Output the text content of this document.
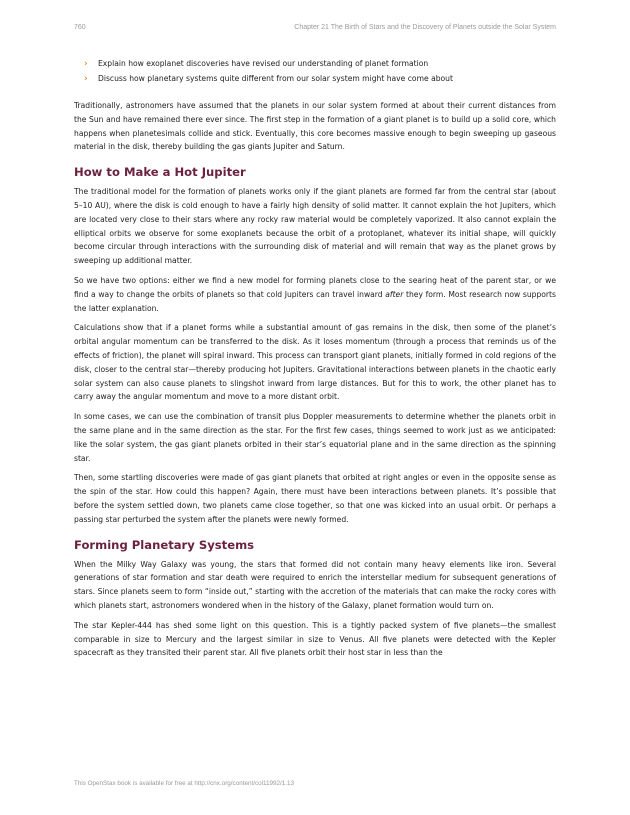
760	Chapter 21 The Birth of Stars and the Discovery of Planets outside the Solar System
› Explain how exoplanet discoveries have revised our understanding of planet formation
› Discuss how planetary systems quite different from our solar system might have come about

Traditionally, astronomers have assumed that the planets in our solar system formed at about their current distances from the Sun and have remained there ever since. The first step in the formation of a giant planet is to build up a solid core, which happens when planetesimals collide and stick. Eventually, this core becomes massive enough to begin sweeping up gaseous material in the disk, thereby building the gas giants Jupiter and Saturn.

How to Make a Hot Jupiter

The traditional model for the formation of planets works only if the giant planets are formed far from the central star (about 5–10 AU), where the disk is cold enough to have a fairly high density of solid matter. It cannot explain the hot Jupiters, which are located very close to their stars where any rocky raw material would be completely vaporized. It also cannot explain the elliptical orbits we observe for some exoplanets because the orbit of a protoplanet, whatever its initial shape, will quickly become circular through interactions with the surrounding disk of material and will remain that way as the planet grows by sweeping up additional matter.

So we have two options: either we find a new model for forming planets close to the searing heat of the parent star, or we find a way to change the orbits of planets so that cold Jupiters can travel inward after they form. Most research now supports the latter explanation.

Calculations show that if a planet forms while a substantial amount of gas remains in the disk, then some of the planet’s orbital angular momentum can be transferred to the disk. As it loses momentum (through a process that reminds us of the effects of friction), the planet will spiral inward. This process can transport giant planets, initially formed in cold regions of the disk, closer to the central star—thereby producing hot Jupiters. Gravitational interactions between planets in the chaotic early solar system can also cause planets to slingshot inward from large distances. But for this to work, the other planet has to carry away the angular momentum and move to a more distant orbit.

In some cases, we can use the combination of transit plus Doppler measurements to determine whether the planets orbit in the same plane and in the same direction as the star. For the first few cases, things seemed to work just as we anticipated: like the solar system, the gas giant planets orbited in their star’s equatorial plane and in the same direction as the spinning star.

Then, some startling discoveries were made of gas giant planets that orbited at right angles or even in the opposite sense as the spin of the star. How could this happen? Again, there must have been interactions between planets. It’s possible that before the system settled down, two planets came close together, so that one was kicked into an usual orbit. Or perhaps a passing star perturbed the system after the planets were newly formed.

Forming Planetary Systems

When the Milky Way Galaxy was young, the stars that formed did not contain many heavy elements like iron. Several generations of star formation and star death were required to enrich the interstellar medium for subsequent generations of stars. Since planets seem to form “inside out,” starting with the accretion of the materials that can make the rocky cores with which planets start, astronomers wondered when in the history of the Galaxy, planet formation would turn on.

The star Kepler-444 has shed some light on this question. This is a tightly packed system of five planets—the smallest comparable in size to Mercury and the largest similar in size to Venus. All five planets were detected with the Kepler spacecraft as they transited their parent star. All five planets orbit their host star in less than the

This OpenStax book is available for free at http://cnx.org/content/col11992/1.13
